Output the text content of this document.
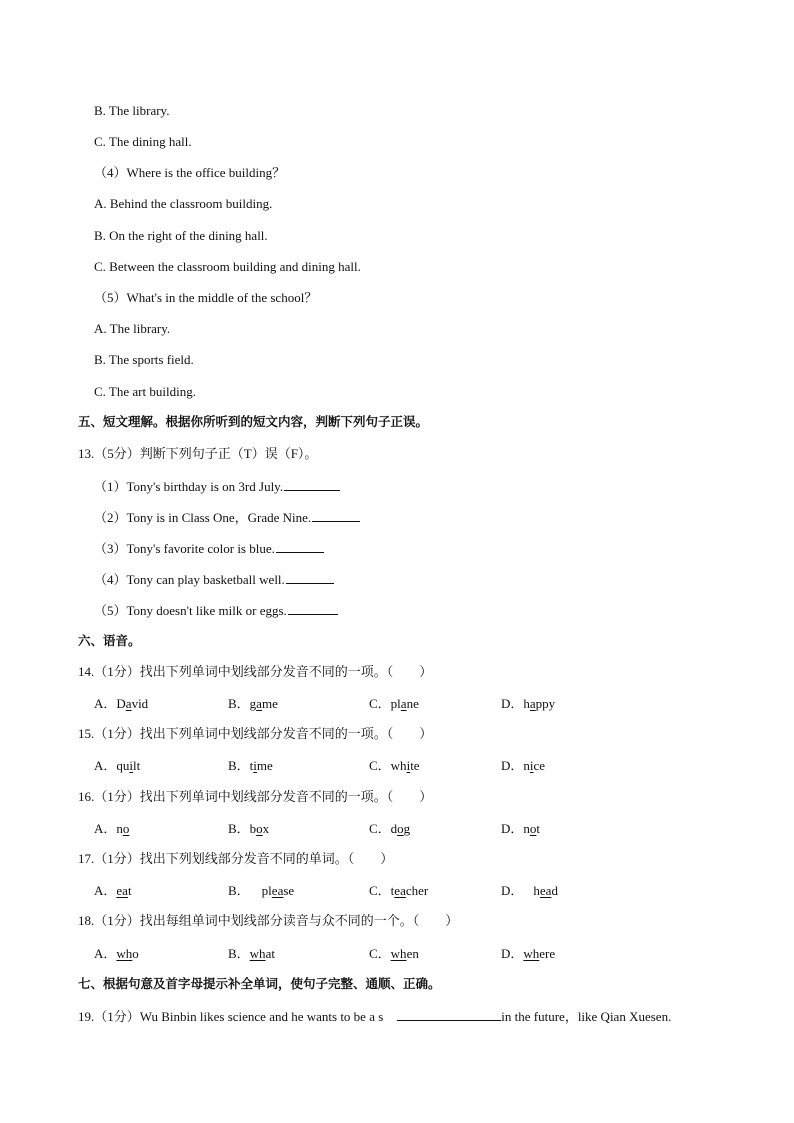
B. The library.
C. The dining hall.
（4）Where is the office building？
A. Behind the classroom building.
B. On the right of the dining hall.
C. Between the classroom building and dining hall.
（5）What's in the middle of the school？
A. The library.
B. The sports field.
C. The art building.
五、短文理解。根据你所听到的短文内容，判断下列句子正误。
13.（5分）判断下列句子正（T）误（F）。
（1）Tony's birthday is on 3rd July.
（2）Tony is in Class One，Grade Nine.
（3）Tony's favorite color is blue.
（4）Tony can play basketball well.
（5）Tony doesn't like milk or eggs.
六、语音。
14.（1分）找出下列单词中划线部分发音不同的一项。（　　）
A．David	B．game	C．plane	D．happy
15.（1分）找出下列单词中划线部分发音不同的一项。（　　）
A．quilt	B．time	C．white	D．nice
16.（1分）找出下列单词中划线部分发音不同的一项。（　　）
A．no	B．box	C．dog	D．not
17.（1分）找出下列划线部分发音不同的单词。（　　）
A．eat	B． please	C．teacher	D． head
18.（1分）找出每组单词中划线部分读音与众不同的一个。（　　）
A．who	B．what	C．when	D．where
七、根据句意及首字母提示补全单词，使句子完整、通顺、正确。
19.（1分）Wu Binbin likes science and he wants to be a s	in the future，like Qian Xuesen.
